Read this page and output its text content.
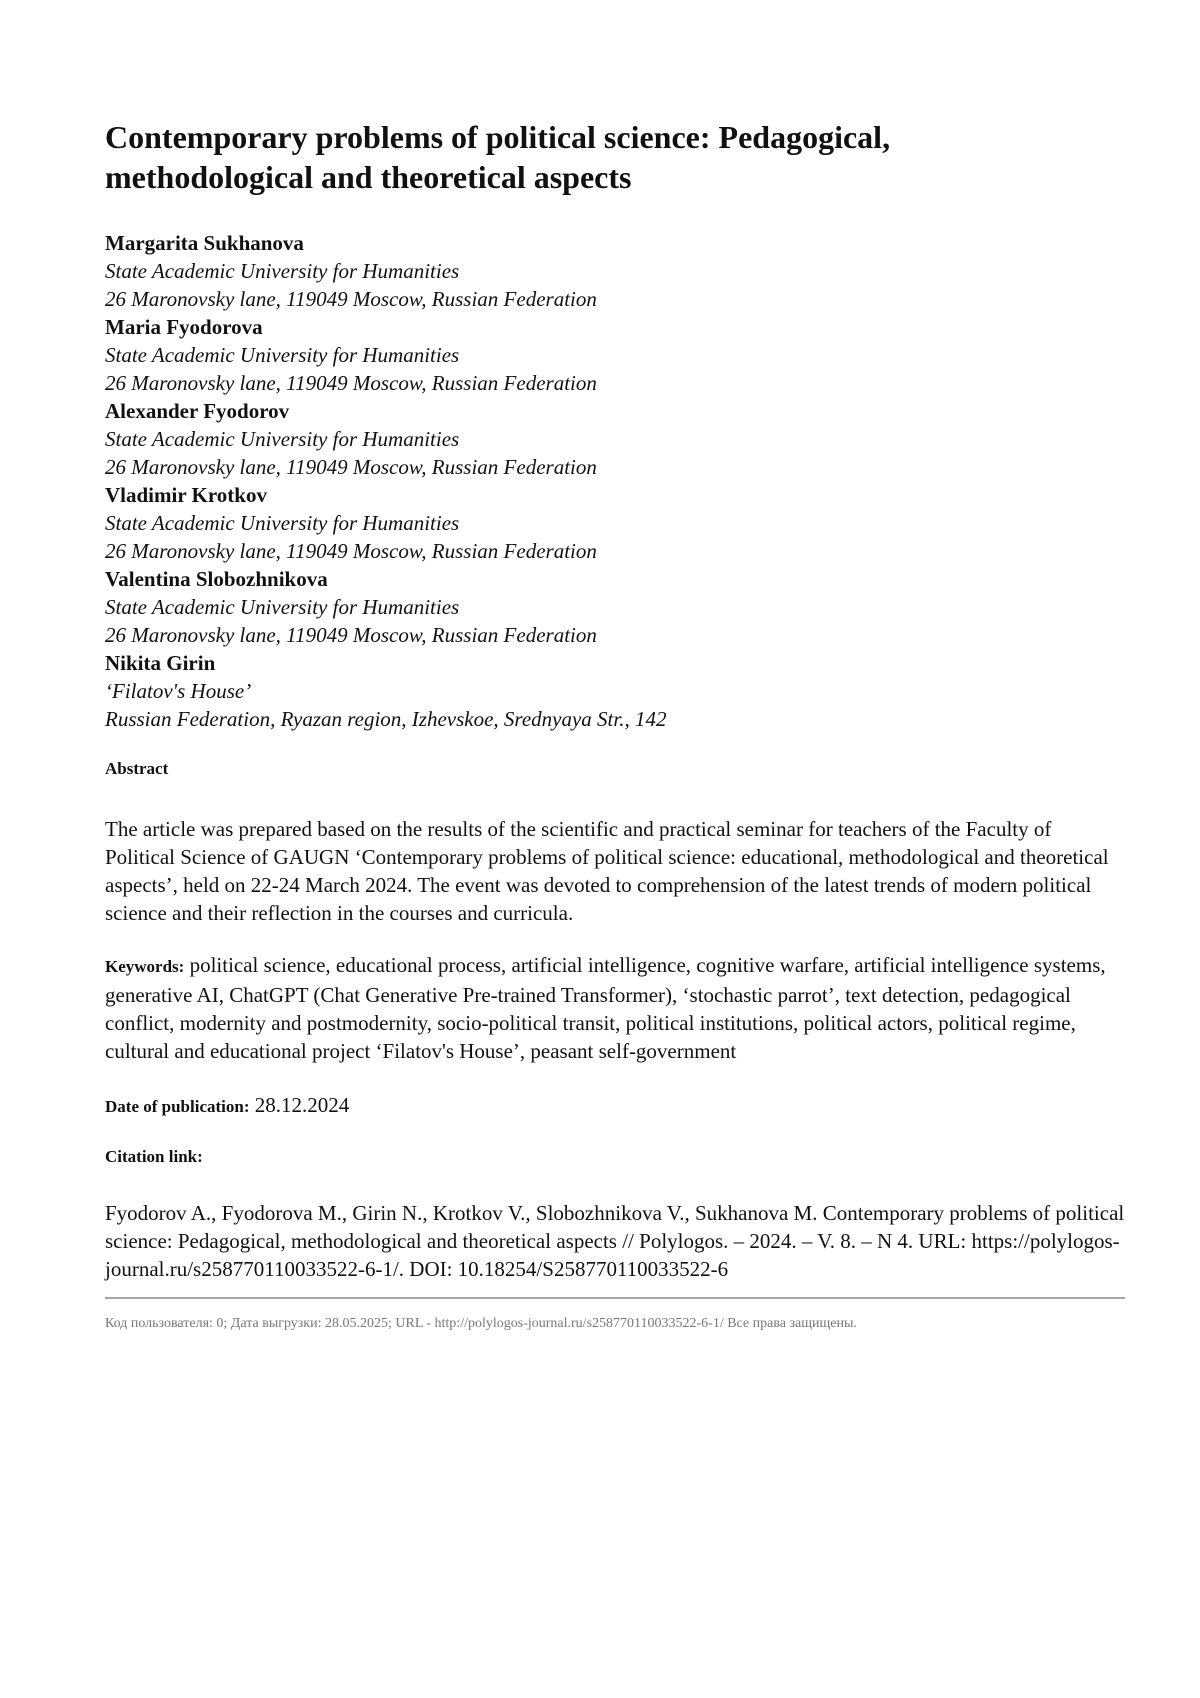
Contemporary problems of political science: Pedagogical, methodological and theoretical aspects
Margarita Sukhanova
State Academic University for Humanities
26 Maronovsky lane, 119049 Moscow, Russian Federation
Maria Fyodorova
State Academic University for Humanities
26 Maronovsky lane, 119049 Moscow, Russian Federation
Alexander Fyodorov
State Academic University for Humanities
26 Maronovsky lane, 119049 Moscow, Russian Federation
Vladimir Krotkov
State Academic University for Humanities
26 Maronovsky lane, 119049 Moscow, Russian Federation
Valentina Slobozhnikova
State Academic University for Humanities
26 Maronovsky lane, 119049 Moscow, Russian Federation
Nikita Girin
‘Filatov's House’
Russian Federation, Ryazan region, Izhevskoe, Srednyaya Str., 142
Abstract

The article was prepared based on the results of the scientific and practical seminar for teachers of the Faculty of Political Science of GAUGN ‘Contemporary problems of political science: educational, methodological and theoretical aspects’, held on 22-24 March 2024. The event was devoted to comprehension of the latest trends of modern political science and their reflection in the courses and curricula.

Keywords: political science, educational process, artificial intelligence, cognitive warfare, artificial intelligence systems, generative AI, ChatGPT (Chat Generative Pre-trained Transformer), ‘stochastic parrot’, text detection, pedagogical conflict, modernity and postmodernity, socio-political transit, political institutions, political actors, political regime, cultural and educational project ‘Filatov's House’, peasant self-government

Date of publication: 28.12.2024

Citation link:

Fyodorov A., Fyodorova M., Girin N., Krotkov V., Slobozhnikova V., Sukhanova M. Contemporary problems of political science: Pedagogical, methodological and theoretical aspects // Polylogos. – 2024. – V. 8. – N 4. URL: https://polylogos-journal.ru/s258770110033522-6-1/. DOI: 10.18254/S258770110033522-6

Код пользователя: 0; Дата выгрузки: 28.05.2025; URL - http://polylogos-journal.ru/s258770110033522-6-1/ Все права защищены.
